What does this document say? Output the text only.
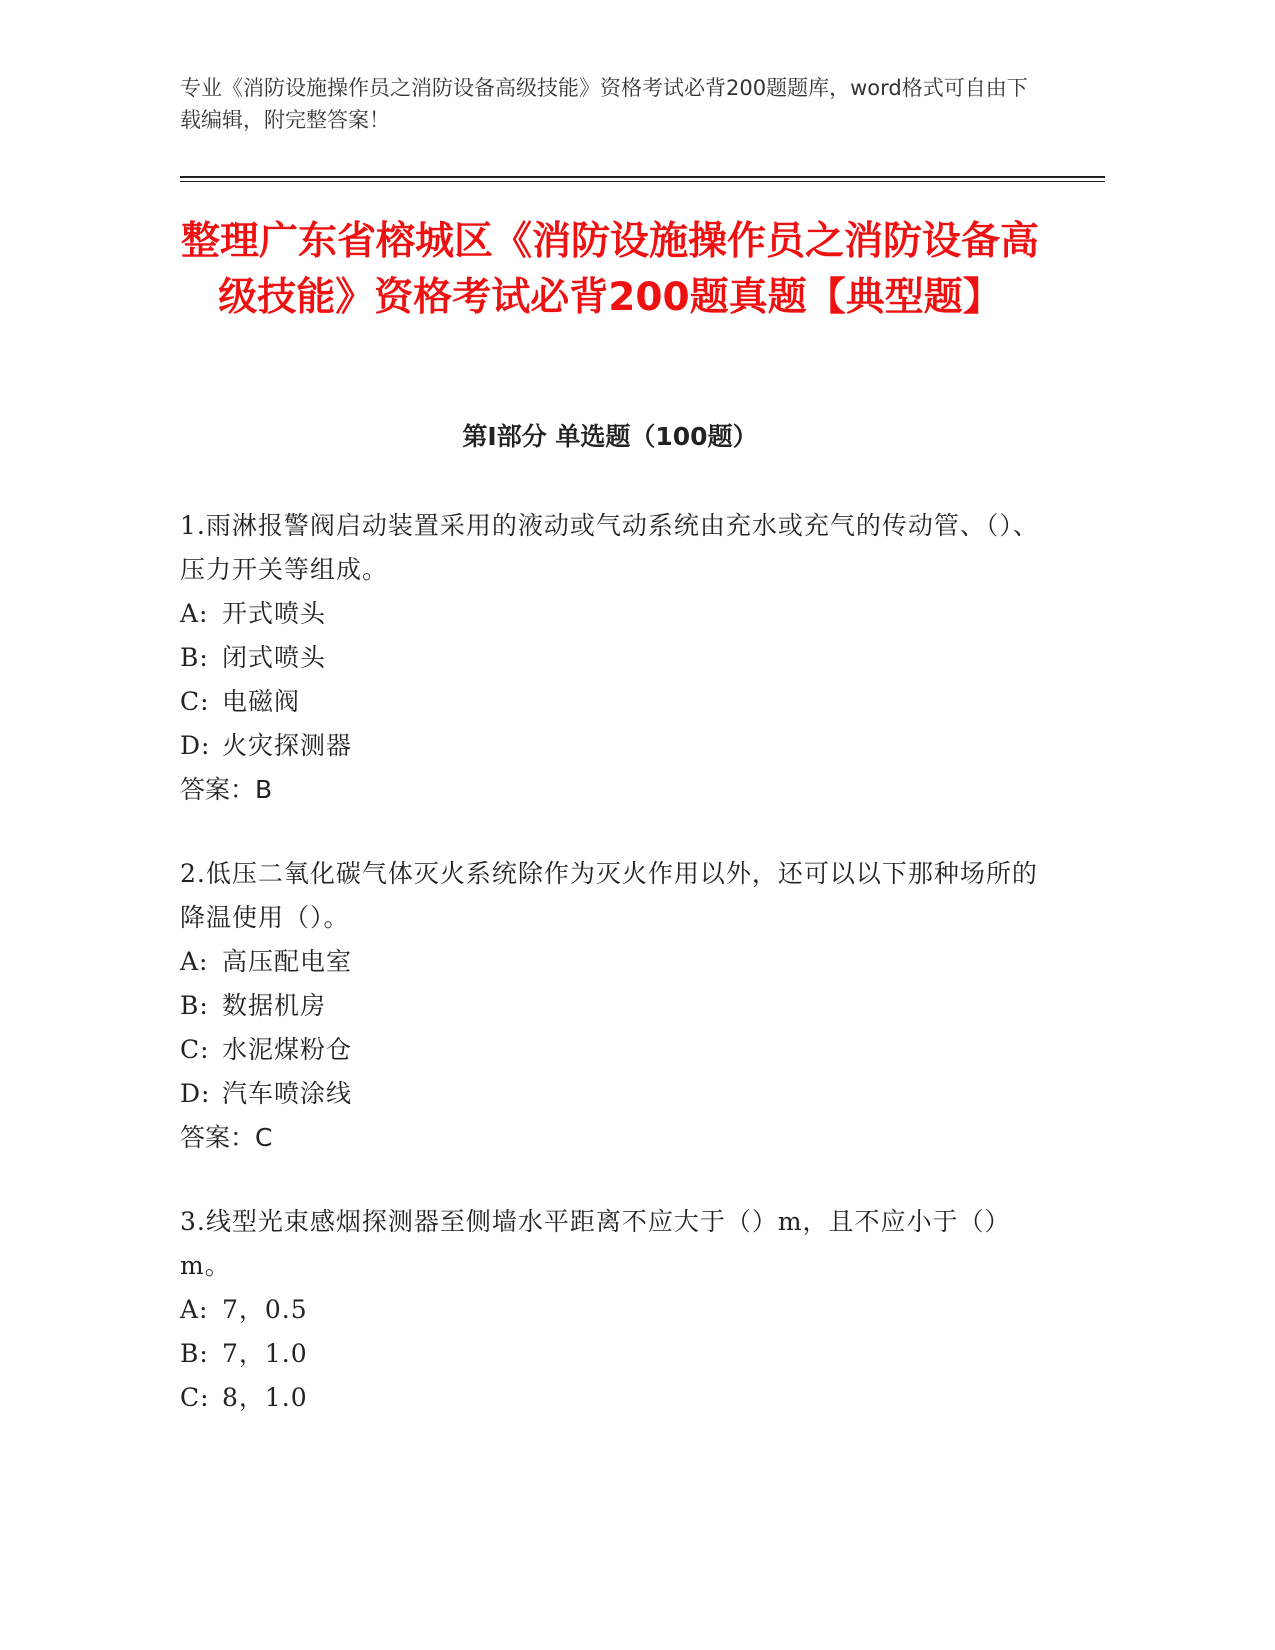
专业《消防设施操作员之消防设备高级技能》资格考试必背200题题库，word格式可自由下载编辑，附完整答案！
整理广东省榕城区《消防设施操作员之消防设备高级技能》资格考试必背200题真题【典型题】
第I部分 单选题（100题）
1.雨淋报警阀启动装置采用的液动或气动系统由充水或充气的传动管、（）、压力开关等组成。
A: 开式喷头
B: 闭式喷头
C: 电磁阀
D: 火灾探测器
答案：B
2.低压二氧化碳气体灭火系统除作为灭火作用以外，还可以以下那种场所的降温使用（）。
A: 高压配电室
B: 数据机房
C: 水泥煤粉仓
D: 汽车喷涂线
答案：C
3.线型光束感烟探测器至侧墙水平距离不应大于（）m，且不应小于（）m。
A: 7，0.5
B: 7，1.0
C: 8，1.0
